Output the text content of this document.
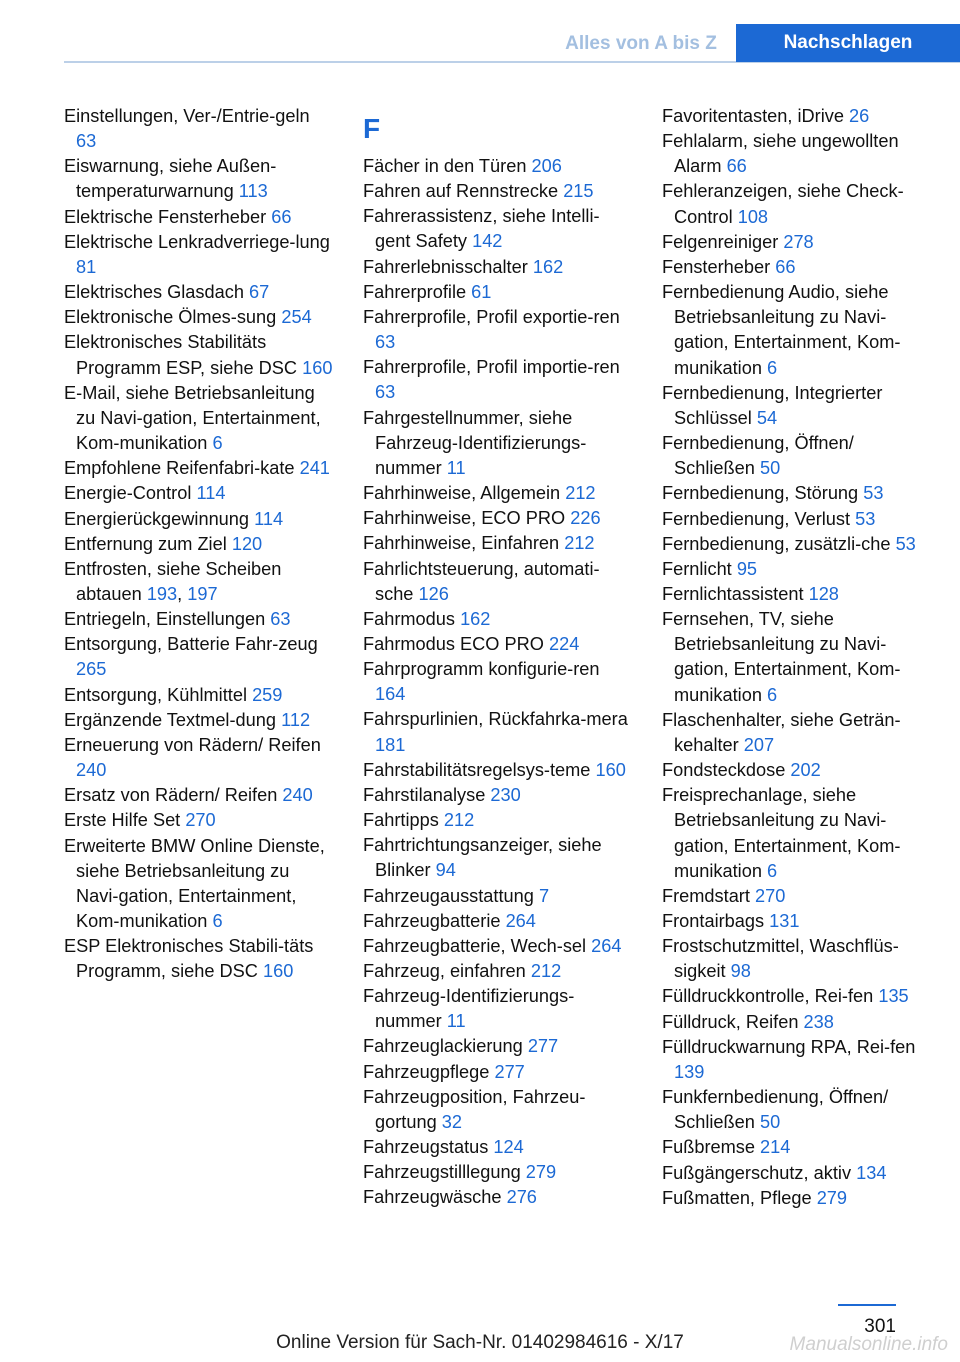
Alles von A bis Z	Nachschlagen
Einstellungen, Ver-/Entrie‐geln 63
Eiswarnung, siehe Außen‐temperaturwarnung 113
Elektrische Fensterheber 66
Elektrische Lenkradverriege‐lung 81
Elektrisches Glasdach 67
Elektronische Ölmes‐sung 254
Elektronisches Stabilitäts Programm ESP, siehe DSC 160
E-Mail, siehe Betriebsanleitung zu Navi‐gation, Entertainment, Kom‐munikation 6
Empfohlene Reifenfabri‐kate 241
Energie-Control 114
Energierückgewinnung 114
Entfernung zum Ziel 120
Entfrosten, siehe Scheiben abtauen 193, 197
Entriegeln, Einstellungen 63
Entsorgung, Batterie Fahr‐zeug 265
Entsorgung, Kühlmittel 259
Ergänzende Textmel‐dung 112
Erneuerung von Rädern/ Reifen 240
Ersatz von Rädern/ Reifen 240
Erste Hilfe Set 270
Erweiterte BMW Online Dienste, siehe Betriebsanleitung zu Navi‐gation, Entertainment, Kom‐munikation 6
ESP Elektronisches Stabili‐täts Programm, siehe DSC 160
F
Fächer in den Türen 206
Fahren auf Rennstrecke 215
Fahrerassistenz, siehe Intelli‐gent Safety 142
Fahrerlebnisschalter 162
Fahrerprofile 61
Fahrerprofile, Profil exportie‐ren 63
Fahrerprofile, Profil importie‐ren 63
Fahrgestellnummer, siehe Fahrzeug-Identifizierungs‐nummer 11
Fahrhinweise, Allgemein 212
Fahrhinweise, ECO PRO 226
Fahrhinweise, Einfahren 212
Fahrlichtsteuerung, automati‐sche 126
Fahrmodus 162
Fahrmodus ECO PRO 224
Fahrprogramm konfigurie‐ren 164
Fahrspurlinien, Rückfahrka‐mera 181
Fahrstabilitätsregelsys‐teme 160
Fahrstilanalyse 230
Fahrtipps 212
Fahrtrichtungsanzeiger, siehe Blinker 94
Fahrzeugausstattung 7
Fahrzeugbatterie 264
Fahrzeugbatterie, Wech‐sel 264
Fahrzeug, einfahren 212
Fahrzeug-Identifizierungs‐nummer 11
Fahrzeuglackierung 277
Fahrzeugpflege 277
Fahrzeugposition, Fahrzeu‐gortung 32
Fahrzeugstatus 124
Fahrzeugstilllegung 279
Fahrzeugwäsche 276
Favoritentasten, iDrive 26
Fehlalarm, siehe ungewollten Alarm 66
Fehleranzeigen, siehe Check-Control 108
Felgenreiniger 278
Fensterheber 66
Fernbedienung Audio, siehe Betriebsanleitung zu Navi‐gation, Entertainment, Kom‐munikation 6
Fernbedienung, Integrierter Schlüssel 54
Fernbedienung, Öffnen/ Schließen 50
Fernbedienung, Störung 53
Fernbedienung, Verlust 53
Fernbedienung, zusätzli‐che 53
Fernlicht 95
Fernlichtassistent 128
Fernsehen, TV, siehe Betriebsanleitung zu Navi‐gation, Entertainment, Kom‐munikation 6
Flaschenhalter, siehe Geträn‐kehalter 207
Fondsteckdose 202
Freisprechanlage, siehe Betriebsanleitung zu Navi‐gation, Entertainment, Kom‐munikation 6
Fremdstart 270
Frontairbags 131
Frostschutzmittel, Waschflüs‐sigkeit 98
Fülldruckkontrolle, Rei‐fen 135
Fülldruck, Reifen 238
Fülldruckwarnung RPA, Rei‐fen 139
Funkfernbedienung, Öffnen/ Schließen 50
Fußbremse 214
Fußgängerschutz, aktiv 134
Fußmatten, Pflege 279
301
Online Version für Sach-Nr. 01402984616 - X/17	Manualsonline.info
